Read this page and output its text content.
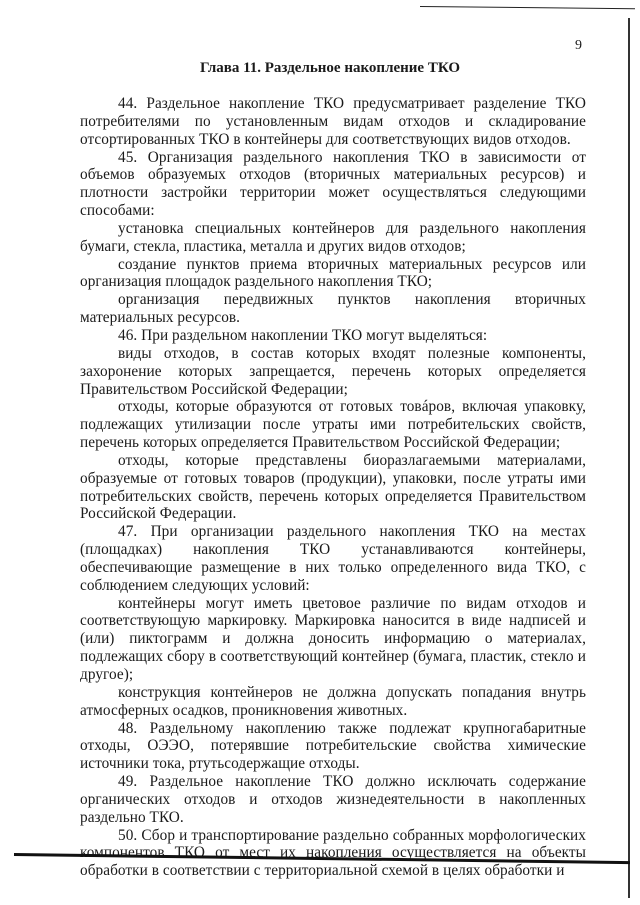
9
Глава 11. Раздельное накопление ТКО

44. Раздельное накопление ТКО предусматривает разделение ТКО потребителями по установленным видам отходов и складирование отсортированных ТКО в контейнеры для соответствующих видов отходов.

45. Организация раздельного накопления ТКО в зависимости от объемов образуемых отходов (вторичных материальных ресурсов) и плотности застройки территории может осуществляться следующими способами:

установка специальных контейнеров для раздельного накопления бумаги, стекла, пластика, металла и других видов отходов;

создание пунктов приема вторичных материальных ресурсов или организация площадок раздельного накопления ТКО;

организация передвижных пунктов накопления вторичных материальных ресурсов.

46. При раздельном накоплении ТКО могут выделяться:

виды отходов, в состав которых входят полезные компоненты, захоронение которых запрещается, перечень которых определяется Правительством Российской Федерации;

отходы, которые образуются от готовых товáров, включая упаковку, подлежащих утилизации после утраты ими потребительских свойств, перечень которых определяется Правительством Российской Федерации;

отходы, которые представлены биоразлагаемыми материалами, образуемые от готовых товаров (продукции), упаковки, после утраты ими потребительских свойств, перечень которых определяется Правительством Российской Федерации.

47. При организации раздельного накопления ТКО на местах (площадках) накопления ТКО устанавливаются контейнеры, обеспечивающие размещение в них только определенного вида ТКО, с соблюдением следующих условий:

контейнеры могут иметь цветовое различие по видам отходов и соответствующую маркировку. Маркировка наносится в виде надписей и (или) пиктограмм и должна доносить информацию о материалах, подлежащих сбору в соответствующий контейнер (бумага, пластик, стекло и другое);

конструкция контейнеров не должна допускать попадания внутрь атмосферных осадков, проникновения животных.

48. Раздельному накоплению также подлежат крупногабаритные отходы, ОЭЭО, потерявшие потребительские свойства химические источники тока, ртутьсодержащие отходы.

49. Раздельное накопление ТКО должно исключать содержание органических отходов и отходов жизнедеятельности в накопленных раздельно ТКО.

50. Сбор и транспортирование раздельно собранных морфологических компонентов ТКО от мест их накопления осуществляется на объекты обработки в соответствии с территориальной схемой в целях обработки и
